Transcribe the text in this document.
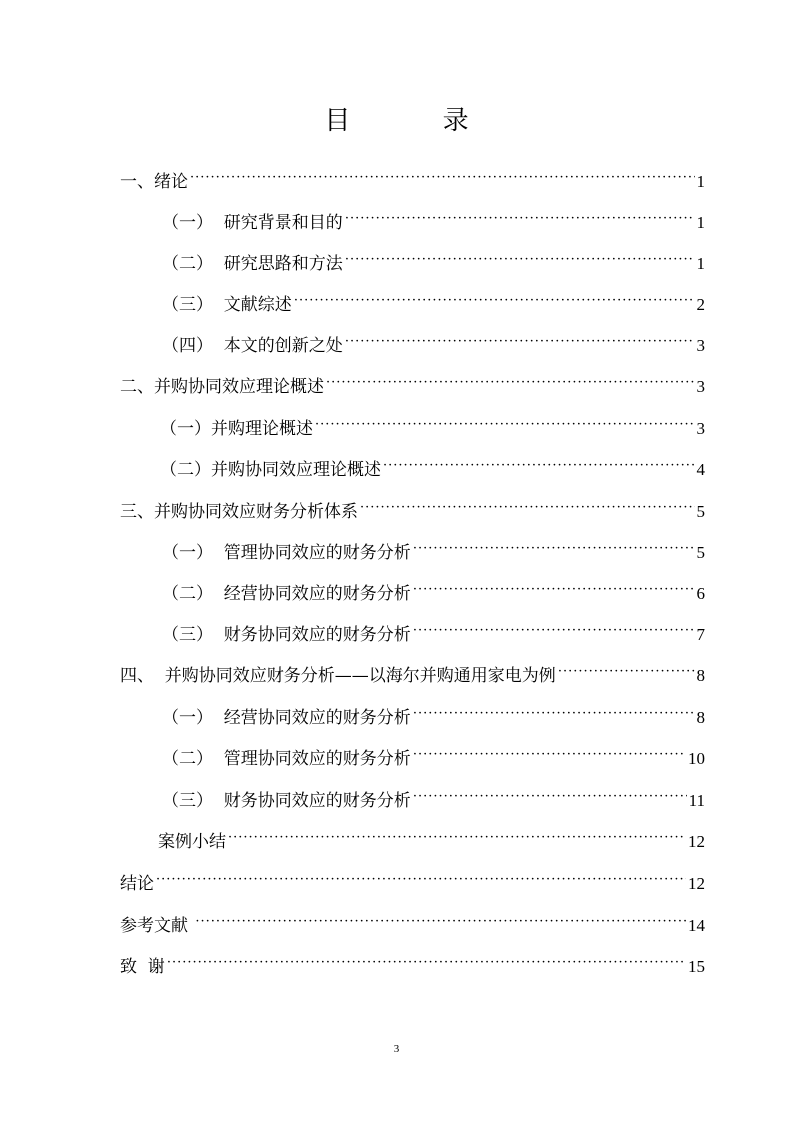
目 录
一、绪论 ·····	1
（一）  研究背景和目的 ·····	1
（二）  研究思路和方法 ·····	1
（三）  文献综述 ·····	2
（四）  本文的创新之处 ·····	3
二、并购协同效应理论概述 ·····	3
（一）并购理论概述 ·····	3
（二）并购协同效应理论概述 ·····	4
三、并购协同效应财务分析体系 ·····	5
（一）  管理协同效应的财务分析 ·····	5
（二）  经营协同效应的财务分析 ·····	6
（三）  财务协同效应的财务分析 ·····	7
四、  并购协同效应财务分析——以海尔并购通用家电为例 ·····	8
（一）  经营协同效应的财务分析 ·····	8
（二）  管理协同效应的财务分析 ·····	10
（三）  财务协同效应的财务分析 ·····	11
案例小结 ·····	12
结论 ·····	12
参考文献 ·····	14
致  谢 ·····	15
3
